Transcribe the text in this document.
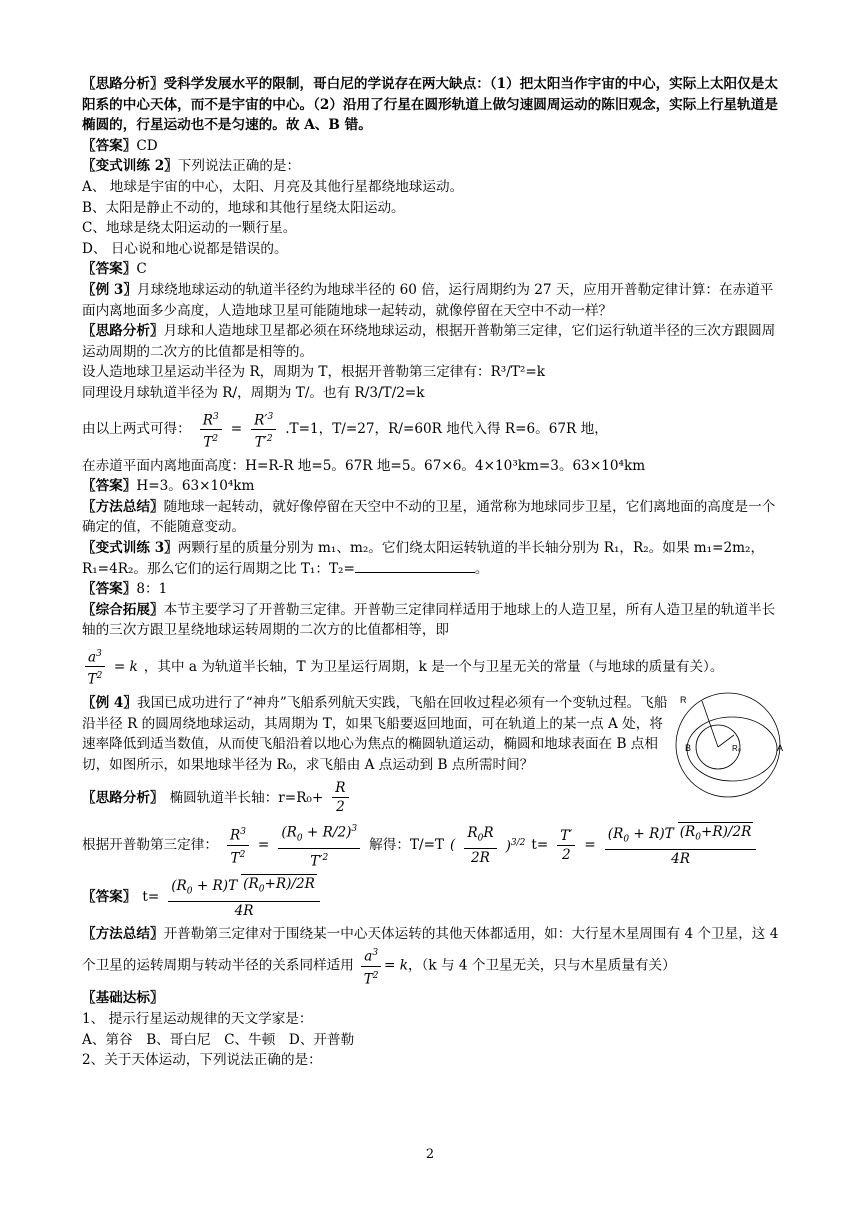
〖思路分析〗受科学发展水平的限制，哥白尼的学说存在两大缺点：（1）把太阳当作宇宙的中心，实际上太阳仅是太阳系的中心天体，而不是宇宙的中心。（2）沿用了行星在圆形轨道上做匀速圆周运动的陈旧观念，实际上行星轨道是椭圆的，行星运动也不是匀速的。故 A、B 错。

〖答案〗CD

〖变式训练 2〗下列说法正确的是：

A、 地球是宇宙的中心，太阳、月亮及其他行星都绕地球运动。

B、太阳是静止不动的，地球和其他行星绕太阳运动。

C、地球是绕太阳运动的一颗行星。

D、 日心说和地心说都是错误的。

〖答案〗C

〖例 3〗月球绕地球运动的轨道半径约为地球半径的 60 倍，运行周期约为 27 天，应用开普勒定律计算：在赤道平面内离地面多少高度，人造地球卫星可能随地球一起转动，就像停留在天空中不动一样？

〖思路分析〗月球和人造地球卫星都必须在环绕地球运动，根据开普勒第三定律，它们运行轨道半径的三次方跟圆周运动周期的二次方的比值都是相等的。

设人造地球卫星运动半径为 R，周期为 T，根据开普勒第三定律有：R³/T²=k

同理设月球轨道半径为 R/，周期为 T/。也有 R/3/T/2=k

由以上两式可得： $\frac{R^3}{T^2} = \frac{R'^3}{T'^2} .T=1$，T/=27，R/=60R 地代入得 R=6。67R 地，

在赤道平面内离地面高度：H=R-R 地=5。67R 地=5。67×6。4×10³km=3。63×10⁴km

〖答案〗H=3。63×10⁴km

〖方法总结〗随地球一起转动，就好像停留在天空中不动的卫星，通常称为地球同步卫星，它们离地面的高度是一个确定的值，不能随意变动。

〖变式训练 3〗两颗行星的质量分别为 m₁、m₂。它们绕太阳运转轨道的半长轴分别为 R₁，R₂。如果 m₁=2m₂，R₁=4R₂。那么它们的运行周期之比 T₁：T₂=	。

〖答案〗8：1

〖综合拓展〗本节主要学习了开普勒三定律。开普勒三定律同样适用于地球上的人造卫星，所有人造卫星的轨道半长轴的三次方跟卫星绕地球运转周期的二次方的比值都相等，即

$\frac{a^3}{T^2} = k$ ，其中 a 为轨道半长轴，T 为卫星运行周期，k 是一个与卫星无关的常量（与地球的质量有关）。

〖例 4〗我国已成功进行了“神舟”飞船系列航天实践，飞船在回收过程必须有一个变轨过程。飞船沿半径 R 的圆周绕地球运动，其周期为 T，如果飞船要返回地面，可在轨道上的某一点 A 处，将速率降低到适当数值，从而使飞船沿着以地心为焦点的椭圆轨道运动，椭圆和地球表面在 B 点相切，如图所示，如果地球半径为 R₀，求飞船由 A 点运动到 B 点所需时间？

R
R₀	A
B
〖思路分析〗 椭圆轨道半长轴：$r=R_0+ \frac{R}{2}$
根据开普勒第三定律： $\frac{R^3}{T^2} = \frac{(R_0 + R/2)^3}{T'^2}$ 解得：T/=T ( $\frac{R_0R}{2R} )^{3/2}$ $t= \frac{T'}{2} = \frac{(R_0 + R)T (R_0+R)/2R}{4R}$
〖答案〗 $t= \frac{(R_0 + R)T (R_0+R)/2R}{4R}$

〖方法总结〗开普勒第三定律对于围绕某一中心天体运转的其他天体都适用，如：大行星木星周围有 4 个卫星，这 4 个卫星的运转周期与转动半径的关系同样适用 $\frac{a^3}{T^2} = k$，（k 与 4 个卫星无关，只与木星质量有关）

〖基础达标〗

1、 提示行星运动规律的天文学家是：

A、第谷　B、哥白尼　C、牛顿　D、开普勒

2、关于天体运动，下列说法正确的是：

2
